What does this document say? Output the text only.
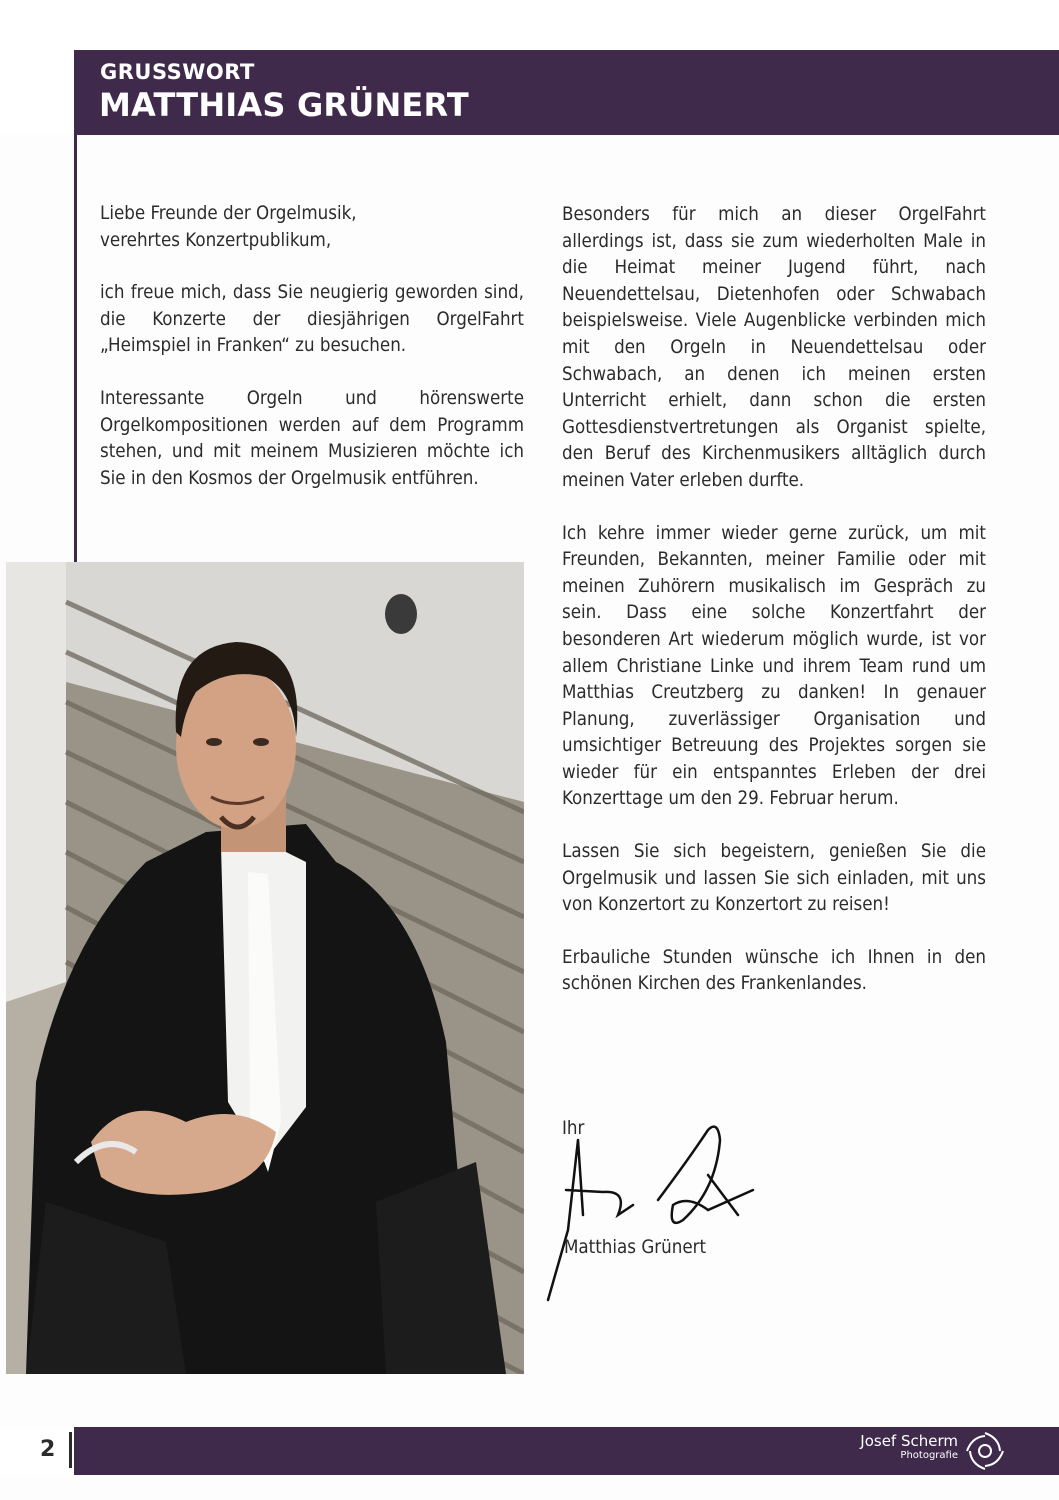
GRUSSWORT
MATTHIAS GRÜNERT

Liebe Freunde der Orgelmusik,
verehrtes Konzertpublikum,

ich freue mich, dass Sie neugierig geworden sind, die Konzerte der diesjährigen OrgelFahrt „Heimspiel in Franken“ zu besuchen.

Interessante Orgeln und hörenswerte Orgelkompositionen werden auf dem Programm stehen, und mit meinem Musizieren möchte ich Sie in den Kosmos der Orgelmusik entführen.

Besonders für mich an dieser OrgelFahrt allerdings ist, dass sie zum wiederholten Male in die Heimat meiner Jugend führt, nach Neuendettelsau, Dietenhofen oder Schwabach beispielsweise. Viele Augenblicke verbinden mich mit den Orgeln in Neuendettelsau oder Schwabach, an denen ich meinen ersten Unterricht erhielt, dann schon die ersten Gottesdienstvertretungen als Organist spielte, den Beruf des Kirchenmusikers alltäglich durch meinen Vater erleben durfte.

Ich kehre immer wieder gerne zurück, um mit Freunden, Bekannten, meiner Familie oder mit meinen Zuhörern musikalisch im Gespräch zu sein. Dass eine solche Konzertfahrt der besonderen Art wiederum möglich wurde, ist vor allem Christiane Linke und ihrem Team rund um Matthias Creutzberg zu danken! In genauer Planung, zuverlässiger Organisation und umsichtiger Betreuung des Projektes sorgen sie wieder für ein entspanntes Erleben der drei Konzerttage um den 29. Februar herum.

Lassen Sie sich begeistern, genießen Sie die Orgelmusik und lassen Sie sich einladen, mit uns von Konzertort zu Konzertort zu reisen!

Erbauliche Stunden wünsche ich Ihnen in den schönen Kirchen des Frankenlandes.

Ihr

Matthias Grünert

2	Josef Scherm
Photografie
